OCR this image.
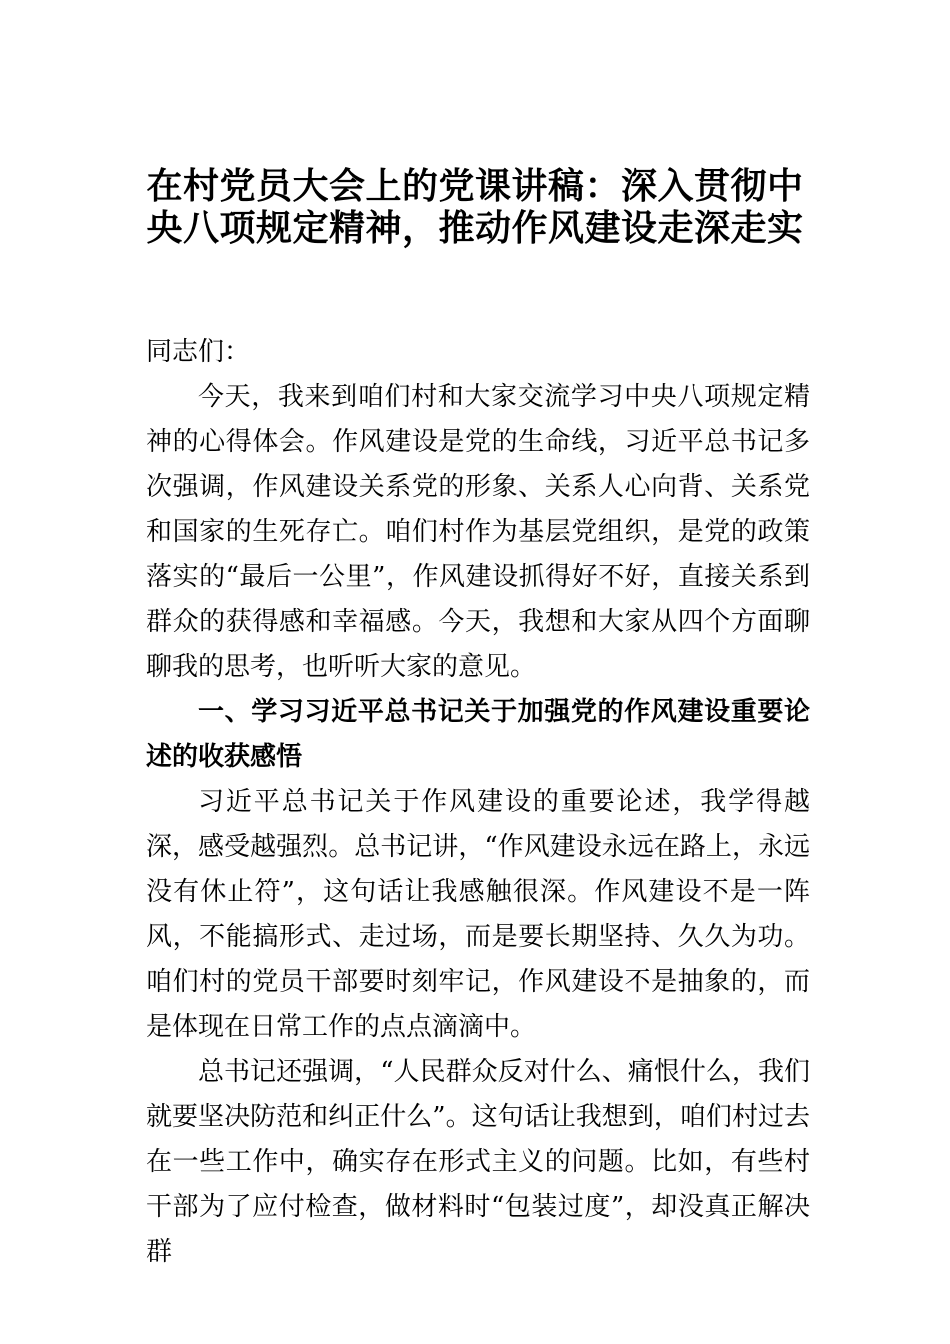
在村党员大会上的党课讲稿：深入贯彻中
央八项规定精神，推动作风建设走深走实

同志们：

今天，我来到咱们村和大家交流学习中央八项规定精神的心得体会。作风建设是党的生命线，习近平总书记多次强调，作风建设关系党的形象、关系人心向背、关系党和国家的生死存亡。咱们村作为基层党组织，是党的政策落实的“最后一公里”，作风建设抓得好不好，直接关系到群众的获得感和幸福感。今天，我想和大家从四个方面聊聊我的思考，也听听大家的意见。

一、学习习近平总书记关于加强党的作风建设重要论述的收获感悟

习近平总书记关于作风建设的重要论述，我学得越深，感受越强烈。总书记讲，“作风建设永远在路上，永远没有休止符”，这句话让我感触很深。作风建设不是一阵风，不能搞形式、走过场，而是要长期坚持、久久为功。咱们村的党员干部要时刻牢记，作风建设不是抽象的，而是体现在日常工作的点点滴滴中。

总书记还强调，“人民群众反对什么、痛恨什么，我们就要坚决防范和纠正什么”。这句话让我想到，咱们村过去在一些工作中，确实存在形式主义的问题。比如，有些村干部为了应付检查，做材料时“包装过度”，却没真正解决群
